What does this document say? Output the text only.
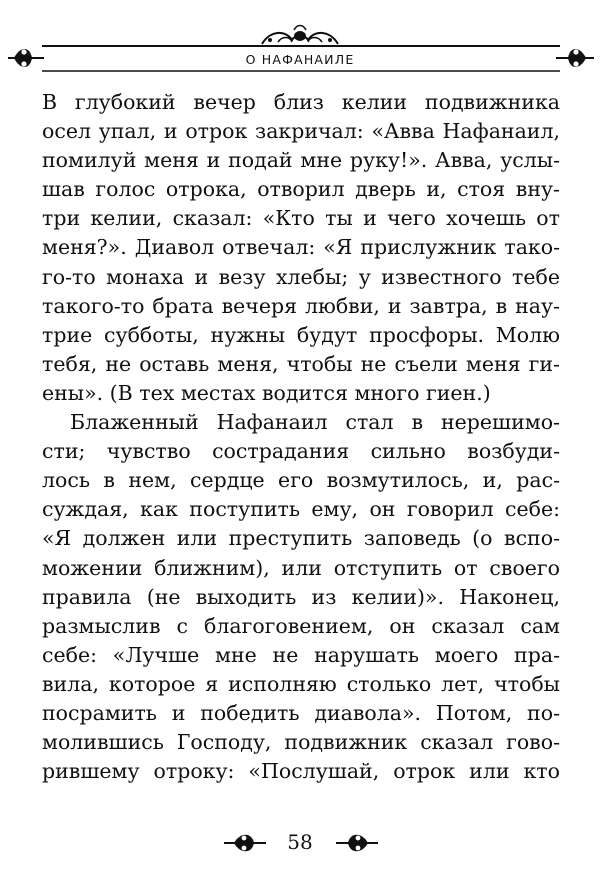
О НАФАНАИЛЕ
В глубокий вечер близ келии подвижника
осел упал, и отрок закричал: «Авва Нафанаил,
помилуй меня и подай мне руку!». Авва, услы-
шав голос отрока, отворил дверь и, стоя вну-
три келии, сказал: «Кто ты и чего хочешь от
меня?». Диавол отвечал: «Я прислужник тако-
го-то монаха и везу хлебы; у известного тебе
такого-то брата вечеря любви, и завтра, в нау-
трие субботы, нужны будут просфоры. Молю
тебя, не оставь меня, чтобы не съели меня ги-
ены». (В тех местах водится много гиен.)
Блаженный Нафанаил стал в нерешимо-
сти; чувство сострадания сильно возбуди-
лось в нем, сердце его возмутилось, и, рас-
суждая, как поступить ему, он говорил себе:
«Я должен или преступить заповедь (о вспо-
можении ближним), или отступить от своего
правила (не выходить из келии)». Наконец,
размыслив с благоговением, он сказал сам
себе: «Лучше мне не нарушать моего пра-
вила, которое я исполняю столько лет, чтобы
посрамить и победить диавола». Потом, по-
молившись Господу, подвижник сказал гово-
рившему отроку: «Послушай, отрок или кто
58
